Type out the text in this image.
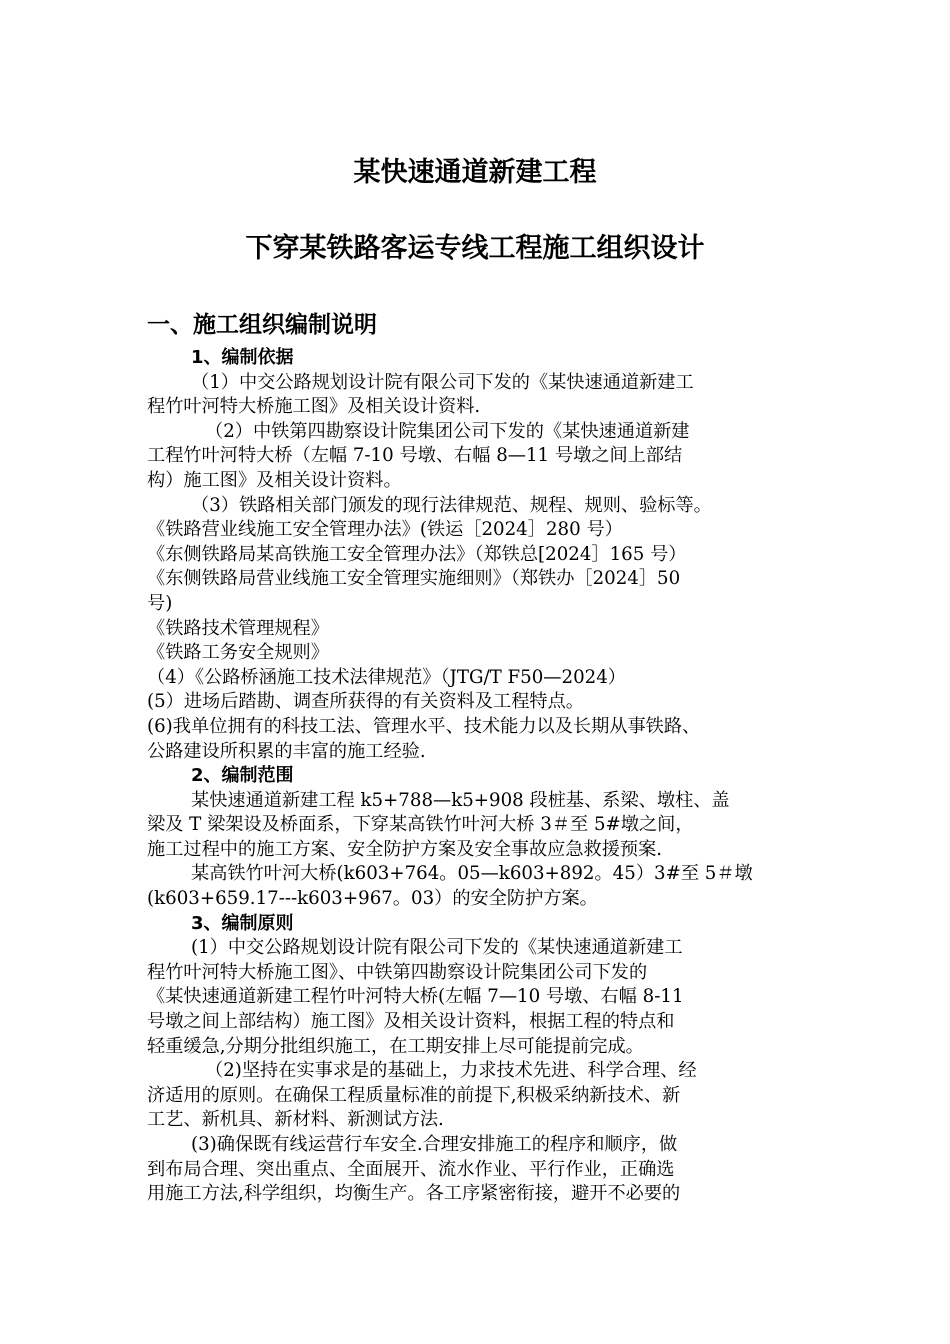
某快速通道新建工程
下穿某铁路客运专线工程施工组织设计
一、施工组织编制说明
1、编制依据
（1）中交公路规划设计院有限公司下发的《某快速通道新建工
程竹叶河特大桥施工图》及相关设计资料.
（2）中铁第四勘察设计院集团公司下发的《某快速通道新建
工程竹叶河特大桥（左幅 7-10 号墩、右幅 8—11 号墩之间上部结
构）施工图》及相关设计资料。
（3）铁路相关部门颁发的现行法律规范、规程、规则、验标等。
《铁路营业线施工安全管理办法》(铁运［2024］280 号）
《东侧铁路局某高铁施工安全管理办法》（郑铁总[2024］165 号）
《东侧铁路局营业线施工安全管理实施细则》（郑铁办［2024］50
号)
《铁路技术管理规程》
《铁路工务安全规则》
（4）《公路桥涵施工技术法律规范》（JTG/T F50—2024）
(5）进场后踏勘、调查所获得的有关资料及工程特点。
(6)我单位拥有的科技工法、管理水平、技术能力以及长期从事铁路、
公路建设所积累的丰富的施工经验.
2、编制范围
某快速通道新建工程 k5+788—k5+908 段桩基、系梁、墩柱、盖
梁及 T 梁架设及桥面系，下穿某高铁竹叶河大桥 3＃至 5#墩之间，
施工过程中的施工方案、安全防护方案及安全事故应急救援预案.
某高铁竹叶河大桥(k603+764。05—k603+892。45）3#至 5＃墩
(k603+659.17---k603+967。03）的安全防护方案。
3、编制原则
(1）中交公路规划设计院有限公司下发的《某快速通道新建工
程竹叶河特大桥施工图》、中铁第四勘察设计院集团公司下发的
《某快速通道新建工程竹叶河特大桥(左幅 7—10 号墩、右幅 8-11
号墩之间上部结构）施工图》及相关设计资料，根据工程的特点和
轻重缓急,分期分批组织施工，在工期安排上尽可能提前完成。
（2)坚持在实事求是的基础上，力求技术先进、科学合理、经
济适用的原则。在确保工程质量标准的前提下,积极采纳新技术、新
工艺、新机具、新材料、新测试方法.
(3)确保既有线运营行车安全.合理安排施工的程序和顺序，做
到布局合理、突出重点、全面展开、流水作业、平行作业，正确选
用施工方法,科学组织，均衡生产。各工序紧密衔接，避开不必要的
